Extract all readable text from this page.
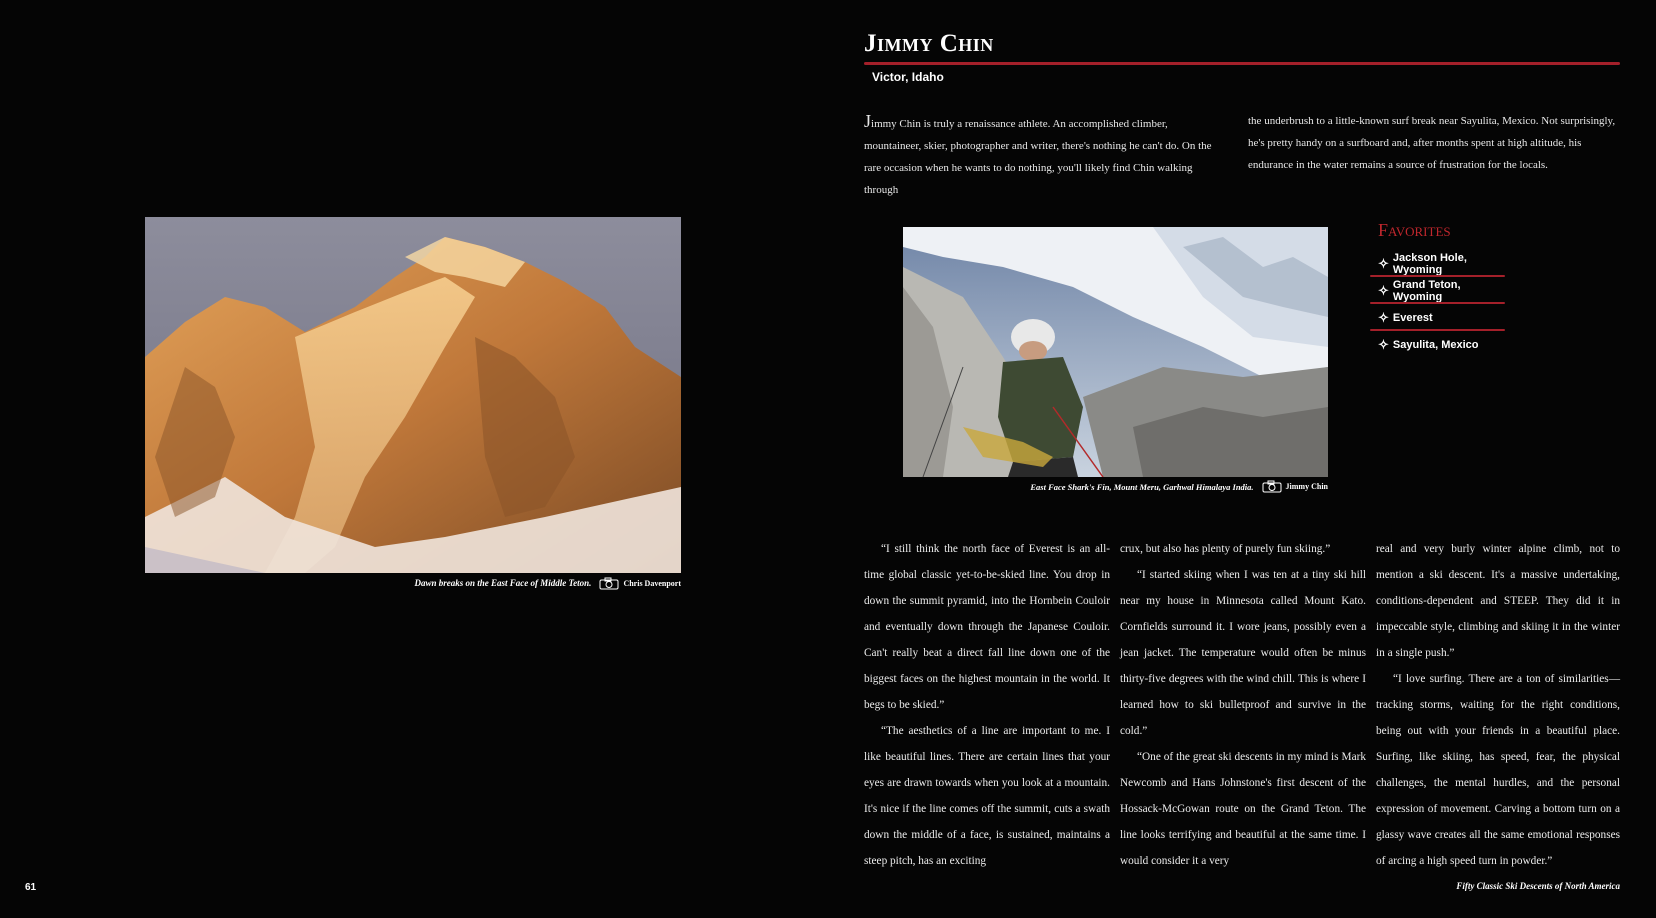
Dawn breaks on the East Face of Middle Teton.	Chris Davenport
61
Jimmy Chin
Victor, Idaho
Jimmy Chin is truly a renaissance athlete. An accomplished climber, mountaineer, skier, photographer and writer, there's nothing he can't do. On the rare occasion when he wants to do nothing, you'll likely find Chin walking through
the underbrush to a little-known surf break near Sayulita, Mexico. Not surprisingly, he's pretty handy on a surfboard and, after months spent at high altitude, his endurance in the water remains a source of frustration for the locals.
East Face Shark's Fin, Mount Meru, Garhwal Himalaya India.	Jimmy Chin
Favorites
✧ Jackson Hole, Wyoming
✧ Grand Teton, Wyoming
✧ Everest
✧ Sayulita, Mexico

“I still think the north face of Everest is an all-time global classic yet-to-be-skied line. You drop in down the summit pyramid, into the Hornbein Couloir and eventually down through the Japanese Couloir. Can't really beat a direct fall line down one of the biggest faces on the highest mountain in the world. It begs to be skied.”

“The aesthetics of a line are important to me. I like beautiful lines. There are certain lines that your eyes are drawn towards when you look at a mountain. It's nice if the line comes off the summit, cuts a swath down the middle of a face, is sustained, maintains a steep pitch, has an exciting

crux, but also has plenty of purely fun skiing.”

“I started skiing when I was ten at a tiny ski hill near my house in Minnesota called Mount Kato. Cornfields surround it. I wore jeans, possibly even a jean jacket. The temperature would often be minus thirty-five degrees with the wind chill. This is where I learned how to ski bulletproof and survive in the cold.”

“One of the great ski descents in my mind is Mark Newcomb and Hans Johnstone's first descent of the Hossack-McGowan route on the Grand Teton. The line looks terrifying and beautiful at the same time. I would consider it a very

real and very burly winter alpine climb, not to mention a ski descent. It's a massive undertaking, conditions-dependent and STEEP. They did it in impeccable style, climbing and skiing it in the winter in a single push.”

“I love surfing. There are a ton of similarities—tracking storms, waiting for the right conditions, being out with your friends in a beautiful place. Surfing, like skiing, has speed, fear, the physical challenges, the mental hurdles, and the personal expression of movement. Carving a bottom turn on a glassy wave creates all the same emotional responses of arcing a high speed turn in powder.”

Fifty Classic Ski Descents of North America
